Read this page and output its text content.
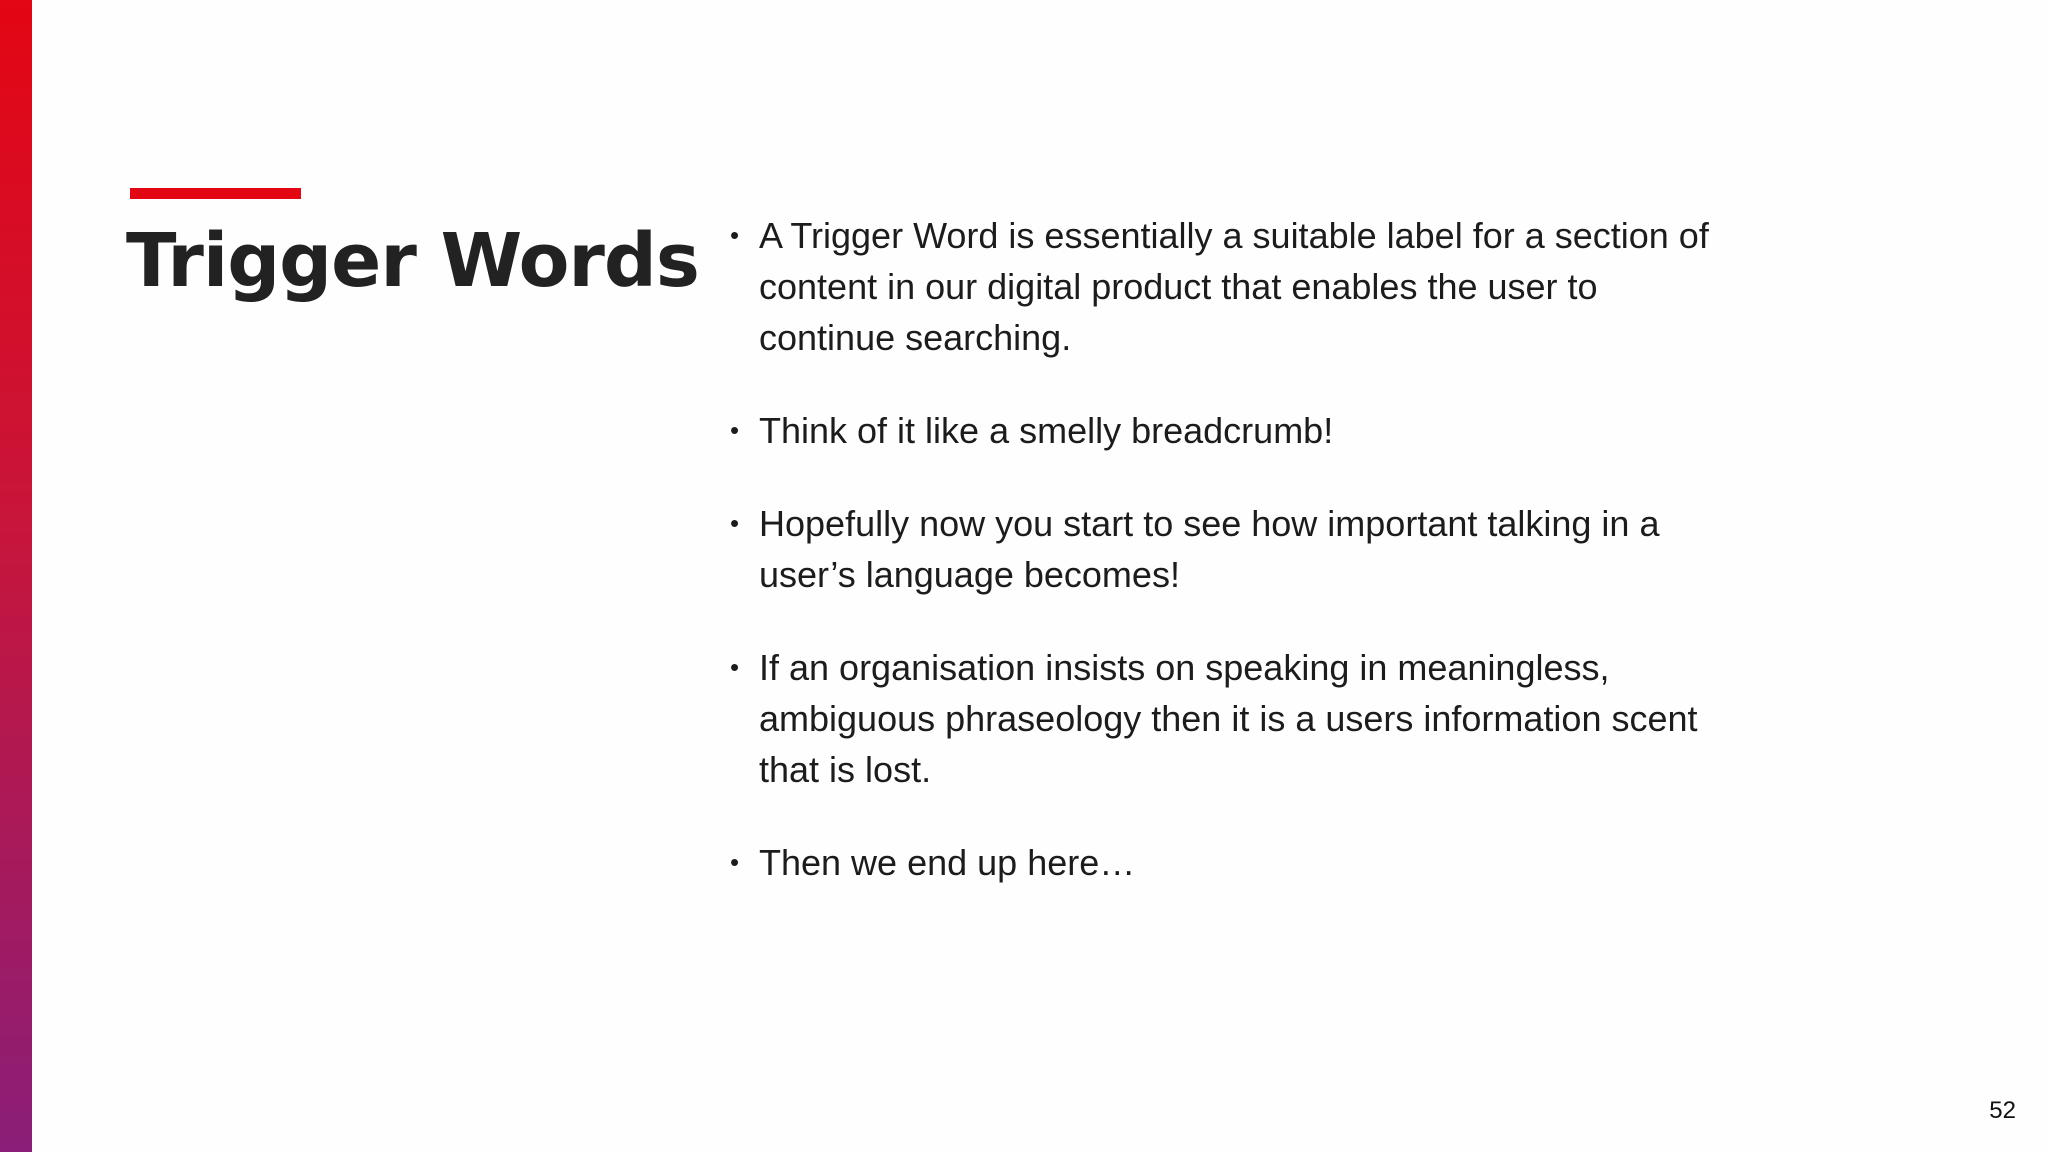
Trigger Words • A Trigger Word is essentially a suitable label for a section of content in our digital product that enables the user to continue searching.
• Think of it like a smelly breadcrumb!
• Hopefully now you start to see how important talking in a user’s language becomes!
• If an organisation insists on speaking in meaningless, ambiguous phraseology then it is a users information scent that is lost.
• Then we end up here…
52
